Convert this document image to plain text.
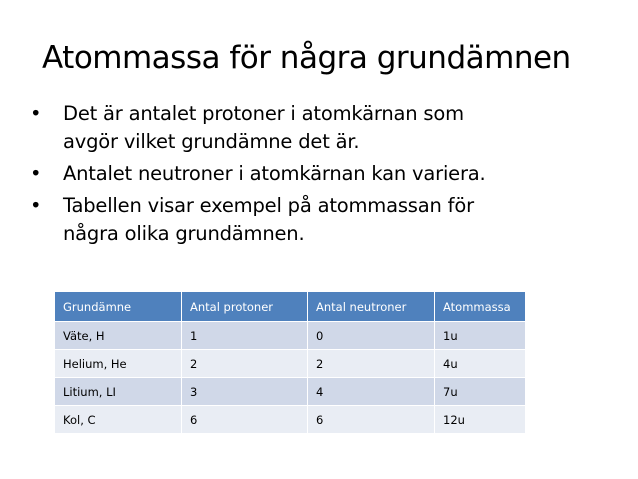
Atommassa för några grundämnen
•	Det är antalet protoner i atomkärnan som
avgör vilket grundämne det är.
•	Antalet neutroner i atomkärnan kan variera.
•	Tabellen visar exempel på atommassan för
några olika grundämnen.
Grundämne	Antal protoner	Antal neutroner	Atommassa
Väte, H	1	0	1u
Helium, He	2	2	4u
Litium, LI	3	4	7u
Kol, C	6	6	12u
